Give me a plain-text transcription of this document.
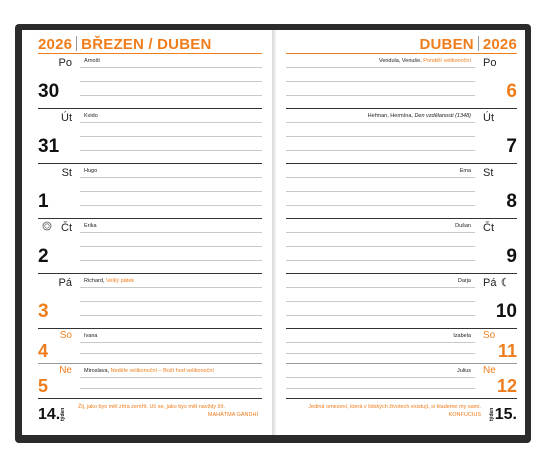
2026 BŘEZEN / DUBEN
Po
30
Arnošt
Út
31
Kvido
St
1
Hugo
Čt
2
Erika
Pá
3
Richard, Velký pátek
So
4
Ivana
Ne
5
Miroslava, Neděle velikonoční – Boží hod velikonoční
14. týden
Žij, jako bys měl zítra zemřít. Uč se, jako bys měl navždy žít.
MAHÁTMA GÁNDHÍ
DUBEN 2026
Po
6
Vendula, Venuše, Pondělí velikonoční
Út
7
Heřman, Hermína, Den vzdělanosti (1348)
St
8
Ema
Čt
9
Dušan
Pá
10
Darja
So
11
Izabela
Ne
12
Julius
Jediná omezení, která v lidských životech existují, si klademe my sami.
KONFUCIUS týden 15.
